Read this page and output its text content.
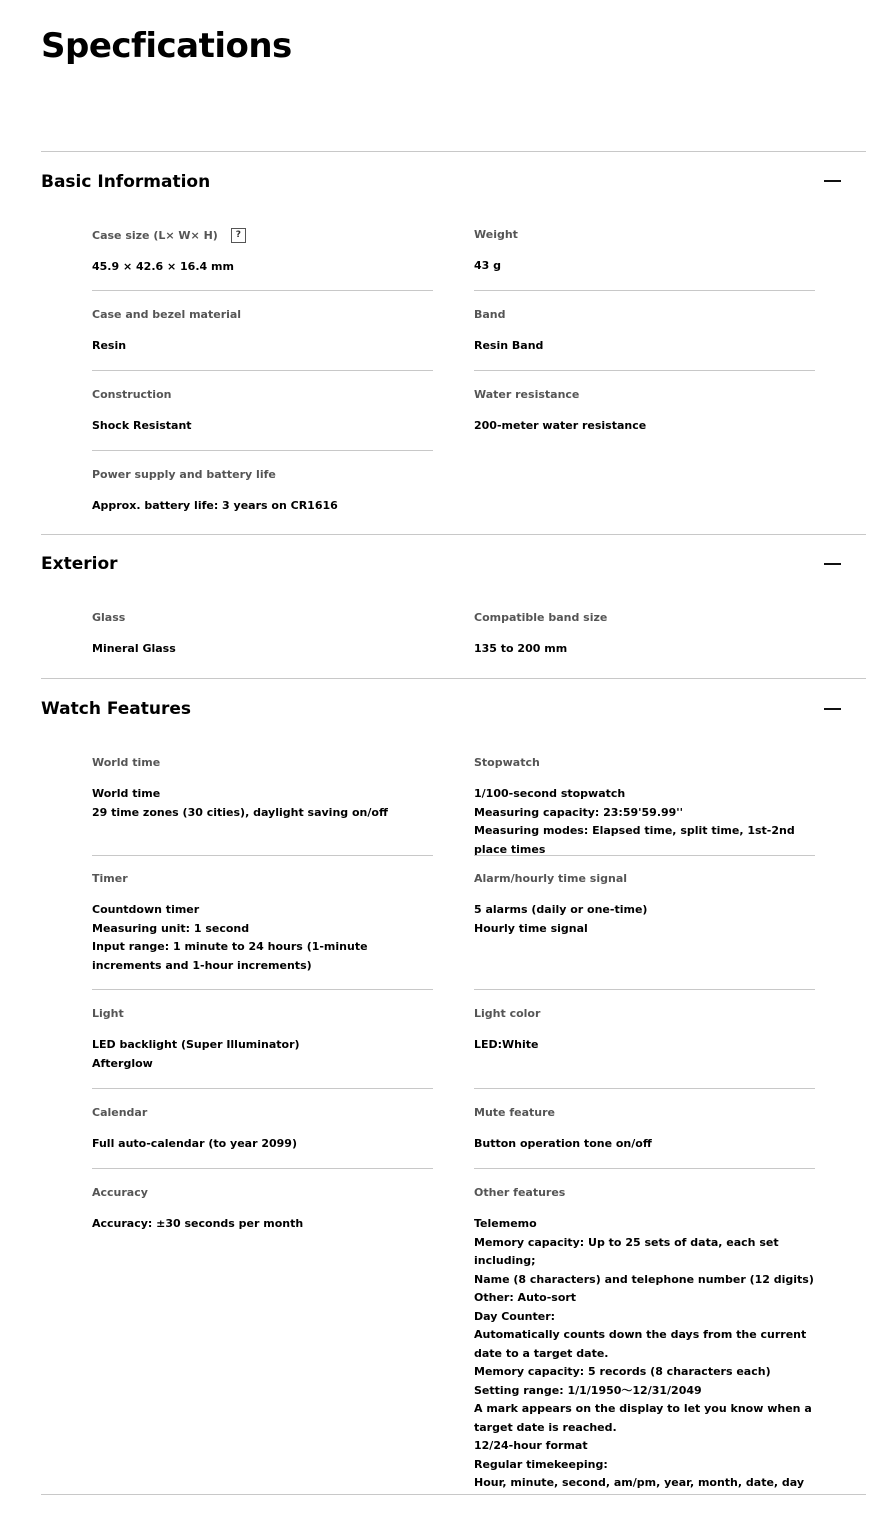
Specfications
Basic Information
Case size (L× W× H)	?
45.9 × 42.6 × 16.4 mm
Weight
43 g
Case and bezel material
Resin
Band
Resin Band
Construction
Shock Resistant
Water resistance
200-meter water resistance
Power supply and battery life
Approx. battery life: 3 years on CR1616
Exterior
Glass
Mineral Glass
Compatible band size
135 to 200 mm
Watch Features
World time
World time
29 time zones (30 cities), daylight saving on/off
Stopwatch
1/100-second stopwatch
Measuring capacity: 23:59'59.99''
Measuring modes: Elapsed time, split time, 1st-2nd place times
Timer
Countdown timer
Measuring unit: 1 second
Input range: 1 minute to 24 hours (1-minute increments and 1-hour increments)
Alarm/hourly time signal
5 alarms (daily or one-time)
Hourly time signal
Light
LED backlight (Super Illuminator)
Afterglow
Light color
LED:White
Calendar
Full auto-calendar (to year 2099)
Mute feature
Button operation tone on/off
Accuracy
Accuracy: ±30 seconds per month
Other features
Telememo
Memory capacity: Up to 25 sets of data, each set including;
Name (8 characters) and telephone number (12 digits)
Other: Auto-sort
Day Counter:
Automatically counts down the days from the current date to a target date.
Memory capacity: 5 records (8 characters each)
Setting range: 1/1/1950〜12/31/2049
A mark appears on the display to let you know when a target date is reached.
12/24-hour format
Regular timekeeping:
Hour, minute, second, am/pm, year, month, date, day
